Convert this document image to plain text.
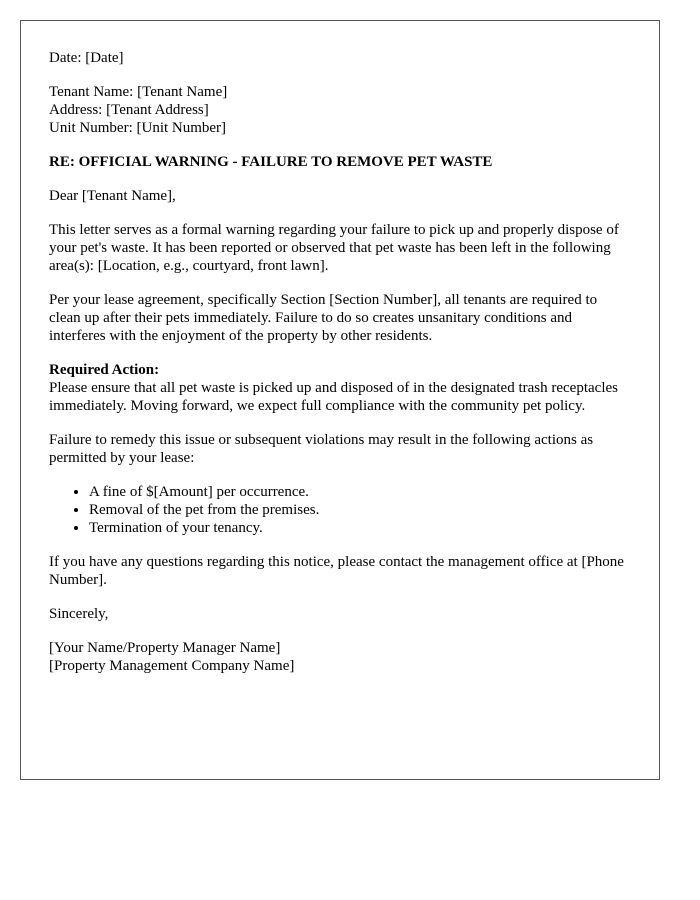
Date: [Date]

Tenant Name: [Tenant Name]
Address: [Tenant Address]
Unit Number: [Unit Number]

RE: OFFICIAL WARNING - FAILURE TO REMOVE PET WASTE

Dear [Tenant Name],

This letter serves as a formal warning regarding your failure to pick up and properly dispose of your pet's waste. It has been reported or observed that pet waste has been left in the following area(s): [Location, e.g., courtyard, front lawn].

Per your lease agreement, specifically Section [Section Number], all tenants are required to clean up after their pets immediately. Failure to do so creates unsanitary conditions and interferes with the enjoyment of the property by other residents.

Required Action:
Please ensure that all pet waste is picked up and disposed of in the designated trash receptacles immediately. Moving forward, we expect full compliance with the community pet policy.

Failure to remedy this issue or subsequent violations may result in the following actions as permitted by your lease:

• A fine of $[Amount] per occurrence.
• Removal of the pet from the premises.
• Termination of your tenancy.

If you have any questions regarding this notice, please contact the management office at [Phone Number].

Sincerely,

[Your Name/Property Manager Name]
[Property Management Company Name]
